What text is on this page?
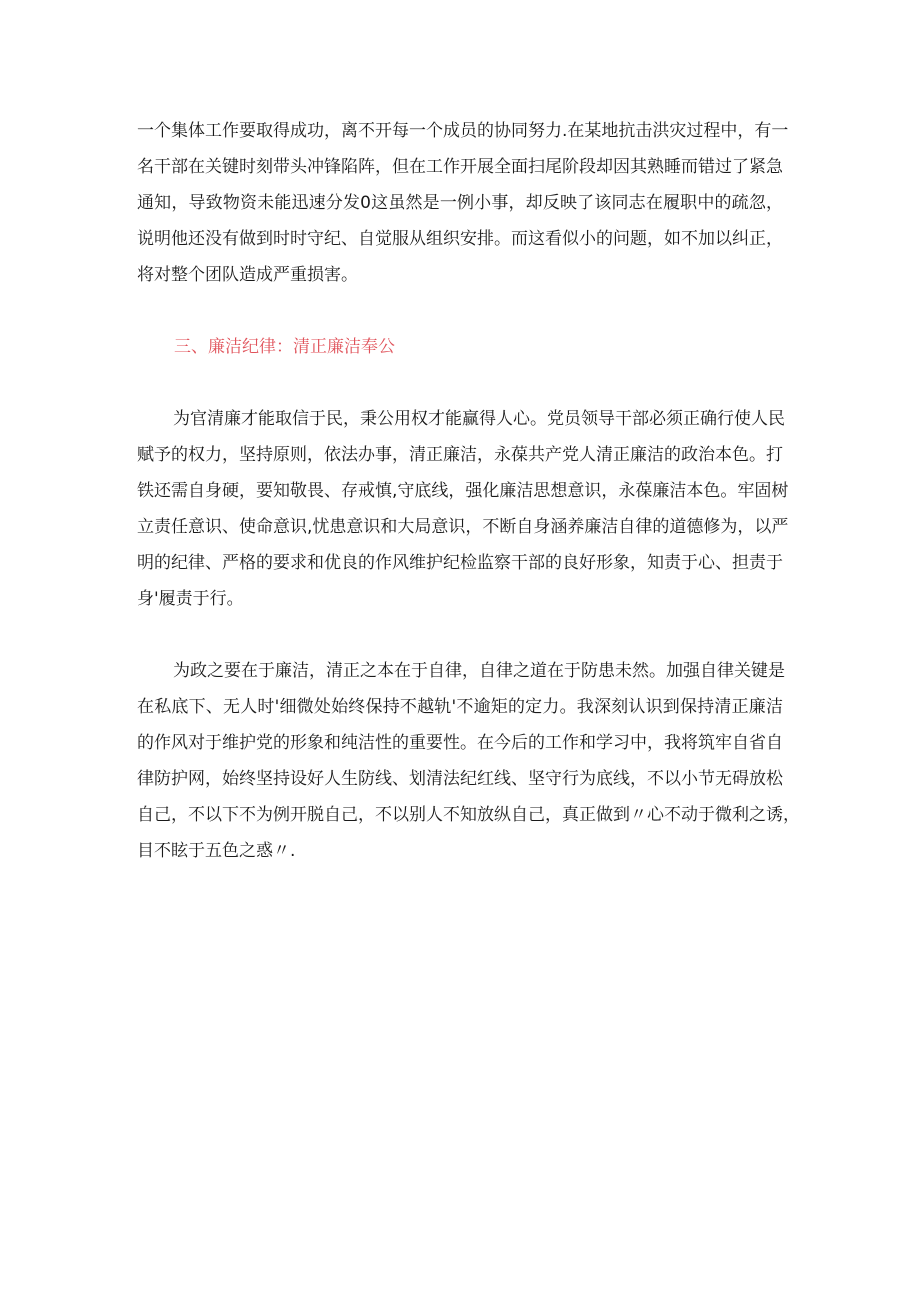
一个集体工作要取得成功，离不开每一个成员的协同努力.在某地抗击洪灾过程中，有一

名干部在关键时刻带头冲锋陷阵，但在工作开展全面扫尾阶段却因其熟睡而错过了紧急

通知，导致物资未能迅速分发0这虽然是一例小事，却反映了该同志在履职中的疏忽，

说明他还没有做到时时守纪、自觉服从组织安排。而这看似小的问题，如不加以纠正，

将对整个团队造成严重损害。

三、廉洁纪律：清正廉洁奉公

为官清廉才能取信于民，秉公用权才能赢得人心。党员领导干部必须正确行使人民

赋予的权力，坚持原则，依法办事，清正廉洁，永葆共产党人清正廉洁的政治本色。打

铁还需自身硬，要知敬畏、存戒慎,守底线，强化廉洁思想意识，永葆廉洁本色。牢固树

立责任意识、使命意识,忧患意识和大局意识，不断自身涵养廉洁自律的道德修为，以严

明的纪律、严格的要求和优良的作风维护纪检监察干部的良好形象，知责于心、担责于

身'履责于行。

为政之要在于廉洁，清正之本在于自律，自律之道在于防患未然。加强自律关键是

在私底下、无人时'细微处始终保持不越轨'不逾矩的定力。我深刻认识到保持清正廉洁

的作风对于维护党的形象和纯洁性的重要性。在今后的工作和学习中，我将筑牢自省自

律防护网，始终坚持设好人生防线、划清法纪红线、坚守行为底线，不以小节无碍放松

自己，不以下不为例开脱自己，不以别人不知放纵自己，真正做到〃心不动于微利之诱，

目不眩于五色之惑〃.
